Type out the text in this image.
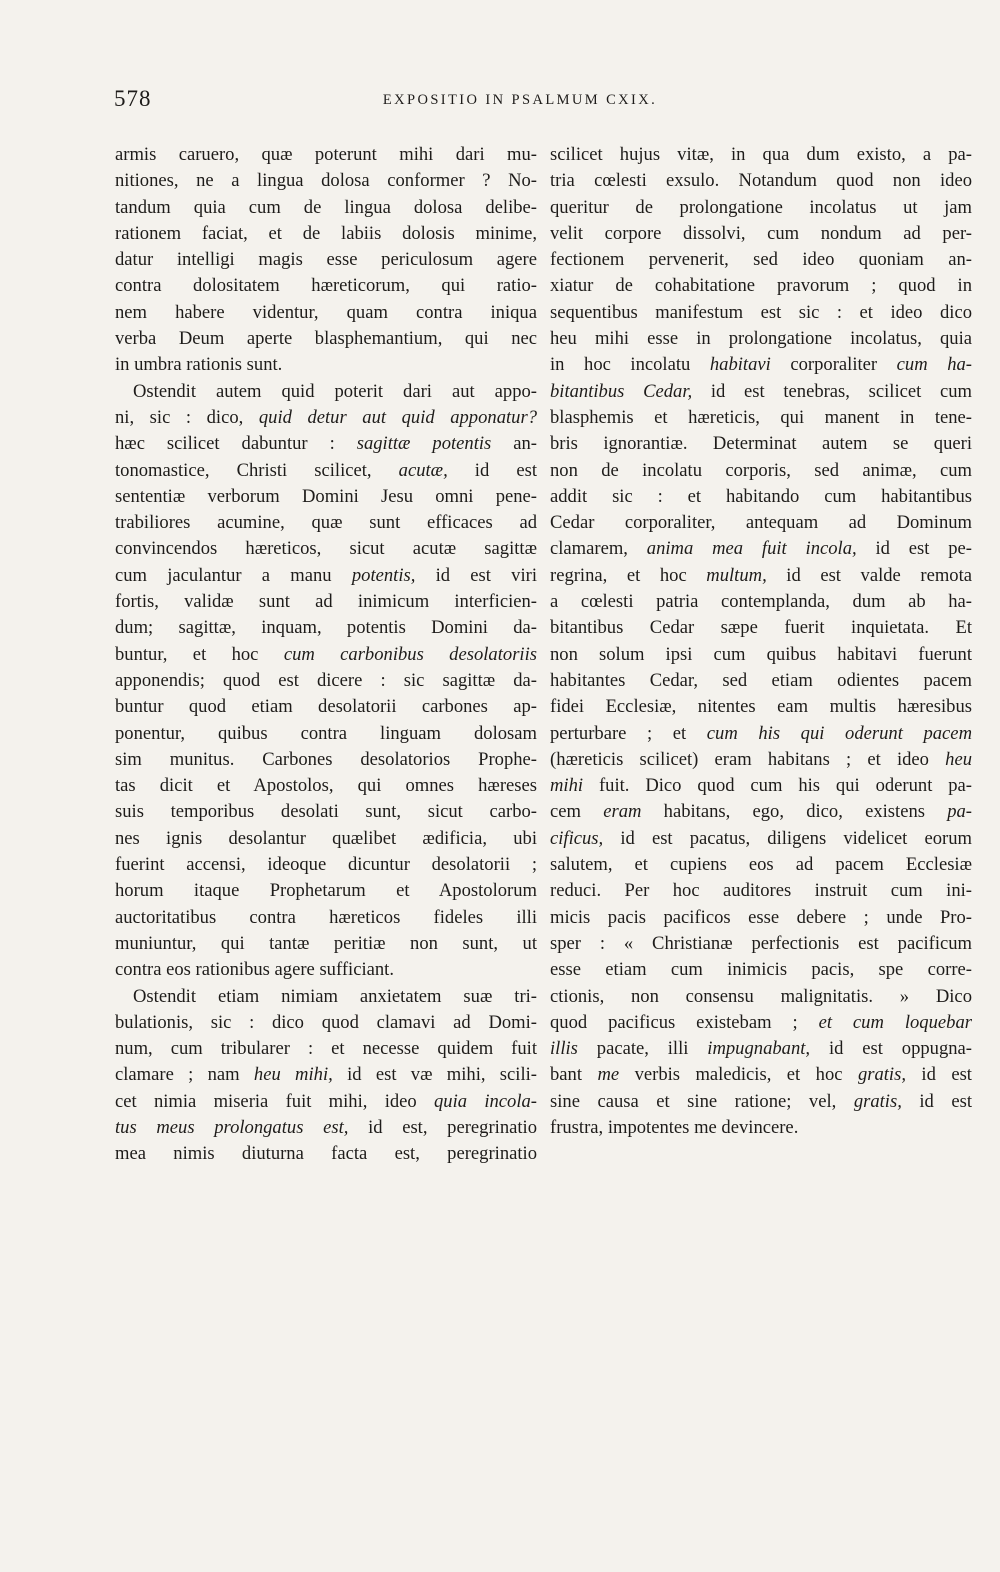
578	EXPOSITIO IN PSALMUM CXIX.
armis caruero, quæ poterunt mihi dari mu-
nitiones, ne a lingua dolosa conformer ? No-
tandum quia cum de lingua dolosa delibe-
rationem faciat, et de labiis dolosis minime,
datur intelligi magis esse periculosum agere
contra dolositatem hæreticorum, qui ratio-
nem habere videntur, quam contra iniqua
verba Deum aperte blasphemantium, qui nec
in umbra rationis sunt.
Ostendit autem quid poterit dari aut appo-
ni, sic : dico, quid detur aut quid apponatur?
hæc scilicet dabuntur : sagittæ potentis an-
tonomastice, Christi scilicet, acutæ, id est
sententiæ verborum Domini Jesu omni pene-
trabiliores acumine, quæ sunt efficaces ad
convincendos hæreticos, sicut acutæ sagittæ
cum jaculantur a manu potentis, id est viri
fortis, validæ sunt ad inimicum interficien-
dum; sagittæ, inquam, potentis Domini da-
buntur, et hoc cum carbonibus desolatoriis
apponendis; quod est dicere : sic sagittæ da-
buntur quod etiam desolatorii carbones ap-
ponentur, quibus contra linguam dolosam
sim munitus. Carbones desolatorios Prophe-
tas dicit et Apostolos, qui omnes hæreses
suis temporibus desolati sunt, sicut carbo-
nes ignis desolantur quælibet ædificia, ubi
fuerint accensi, ideoque dicuntur desolatorii ;
horum itaque Prophetarum et Apostolorum
auctoritatibus contra hæreticos fideles illi
muniuntur, qui tantæ peritiæ non sunt, ut
contra eos rationibus agere sufficiant.
Ostendit etiam nimiam anxietatem suæ tri-
bulationis, sic : dico quod clamavi ad Domi-
num, cum tribularer : et necesse quidem fuit
clamare ; nam heu mihi, id est væ mihi, scili-
cet nimia miseria fuit mihi, ideo quia incola-
tus meus prolongatus est, id est, peregrinatio
mea nimis diuturna facta est, peregrinatio
scilicet hujus vitæ, in qua dum existo, a pa-
tria cœlesti exsulo. Notandum quod non ideo
queritur de prolongatione incolatus ut jam
velit corpore dissolvi, cum nondum ad per-
fectionem pervenerit, sed ideo quoniam an-
xiatur de cohabitatione pravorum ; quod in
sequentibus manifestum est sic : et ideo dico
heu mihi esse in prolongatione incolatus, quia
in hoc incolatu habitavi corporaliter cum ha-
bitantibus Cedar, id est tenebras, scilicet cum
blasphemis et hæreticis, qui manent in tene-
bris ignorantiæ. Determinat autem se queri
non de incolatu corporis, sed animæ, cum
addit sic : et habitando cum habitantibus
Cedar corporaliter, antequam ad Dominum
clamarem, anima mea fuit incola, id est pe-
regrina, et hoc multum, id est valde remota
a cœlesti patria contemplanda, dum ab ha-
bitantibus Cedar sæpe fuerit inquietata. Et
non solum ipsi cum quibus habitavi fuerunt
habitantes Cedar, sed etiam odientes pacem
fidei Ecclesiæ, nitentes eam multis hæresibus
perturbare ; et cum his qui oderunt pacem
(hæreticis scilicet) eram habitans ; et ideo heu
mihi fuit. Dico quod cum his qui oderunt pa-
cem eram habitans, ego, dico, existens pa-
cificus, id est pacatus, diligens videlicet eorum
salutem, et cupiens eos ad pacem Ecclesiæ
reduci. Per hoc auditores instruit cum ini-
micis pacis pacificos esse debere ; unde Pro-
sper : « Christianæ perfectionis est pacificum
esse etiam cum inimicis pacis, spe corre-
ctionis, non consensu malignitatis. » Dico
quod pacificus existebam ; et cum loquebar
illis pacate, illi impugnabant, id est oppugna-
bant me verbis maledicis, et hoc gratis, id est
sine causa et sine ratione; vel, gratis, id est
frustra, impotentes me devincere.
